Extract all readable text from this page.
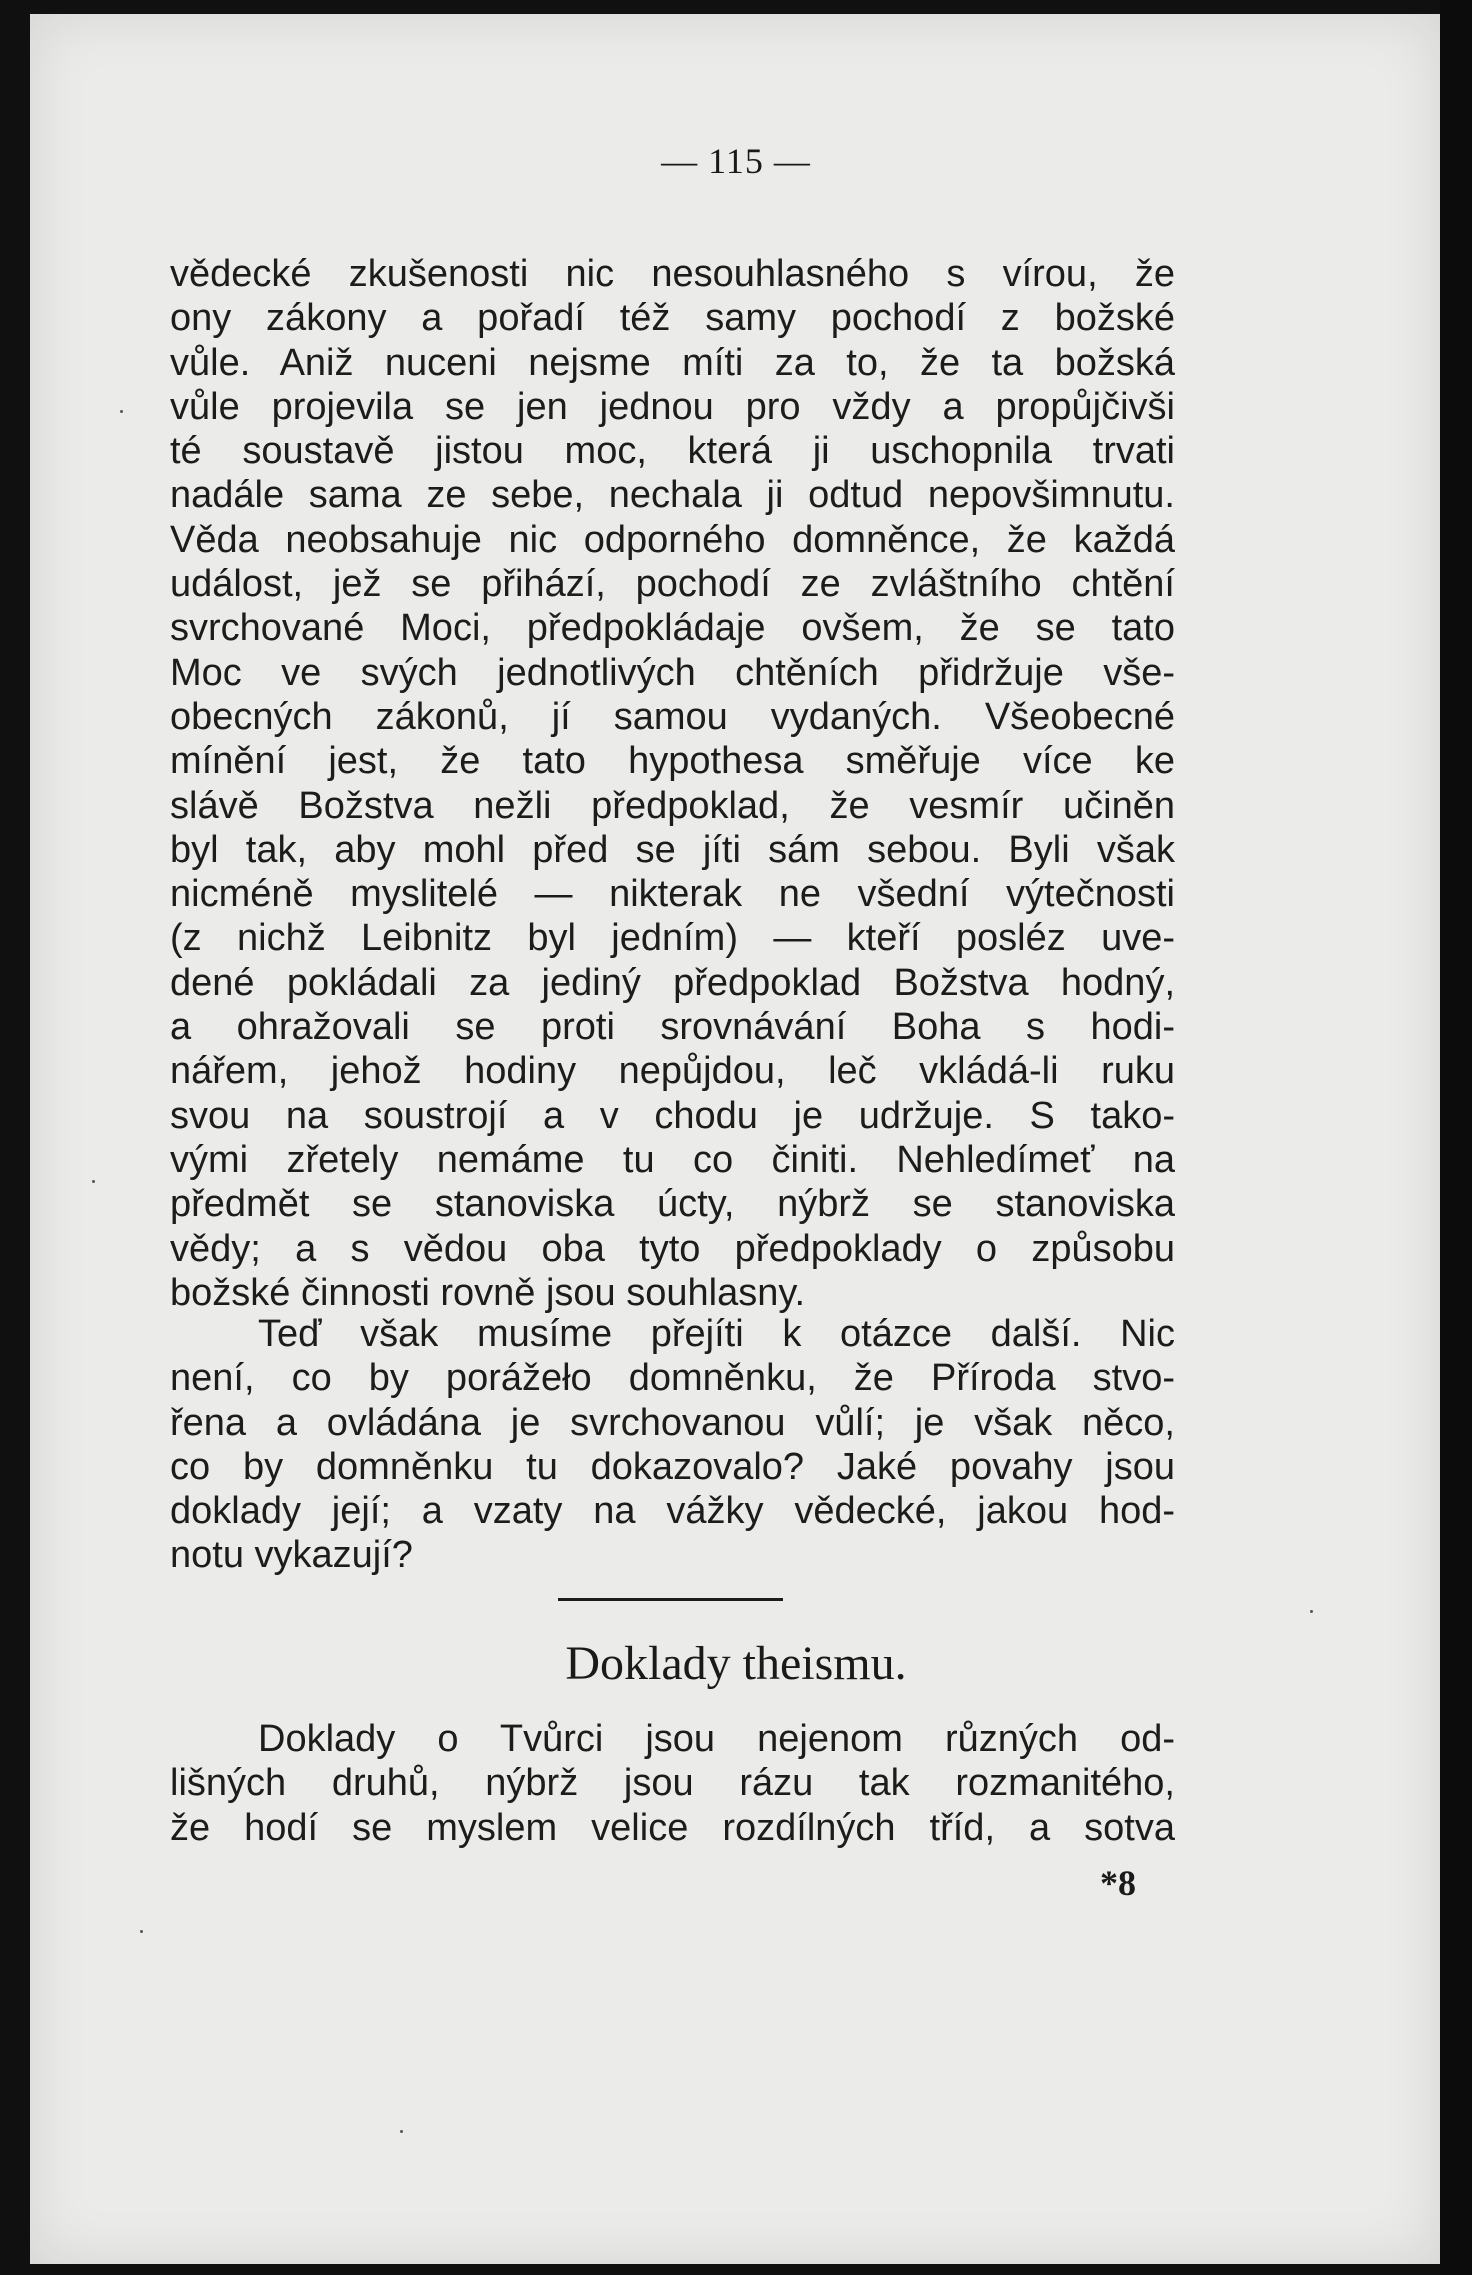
— 115 —
vědecké zkušenosti nic nesouhlasného s vírou, že
ony zákony a pořadí též samy pochodí z božské
vůle. Aniž nuceni nejsme míti za to, že ta božská
vůle projevila se jen jednou pro vždy a propůjčivši
té soustavě jistou moc, která ji uschopnila trvati
nadále sama ze sebe, nechala ji odtud nepovšimnutu.
Věda neobsahuje nic odporného domněnce, že každá
událost, jež se přihází, pochodí ze zvláštního chtění
svrchované Moci, předpokládaje ovšem, že se tato
Moc ve svých jednotlivých chtěních přidržuje vše-
obecných zákonů, jí samou vydaných. Všeobecné
mínění jest, že tato hypothesa směřuje více ke
slávě Božstva nežli předpoklad, že vesmír učiněn
byl tak, aby mohl před se jíti sám sebou. Byli však
nicméně myslitelé — nikterak ne všední výtečnosti
(z nichž Leibnitz byl jedním) — kteří posléz uve-
dené pokládali za jediný předpoklad Božstva hodný,
a ohražovali se proti srovnávání Boha s hodi-
nářem, jehož hodiny nepůjdou, leč vkládá-li ruku
svou na soustrojí a v chodu je udržuje. S tako-
vými zřetely nemáme tu co činiti. Nehledímeť na
předmět se stanoviska úcty, nýbrž se stanoviska
vědy; a s vědou oba tyto předpoklady o způsobu
božské činnosti rovně jsou souhlasny.
Teď však musíme přejíti k otázce další. Nic
není, co by porážeło domněnku, že Příroda stvo-
řena a ovládána je svrchovanou vůlí; je však něco,
co by domněnku tu dokazovalo? Jaké povahy jsou
doklady její; a vzaty na vážky vědecké, jakou hod-
notu vykazují?
Doklady theismu.
Doklady o Tvůrci jsou nejenom různých od-
lišných druhů, nýbrž jsou rázu tak rozmanitého,
že hodí se myslem velice rozdílných tříd, a sotva
*8
